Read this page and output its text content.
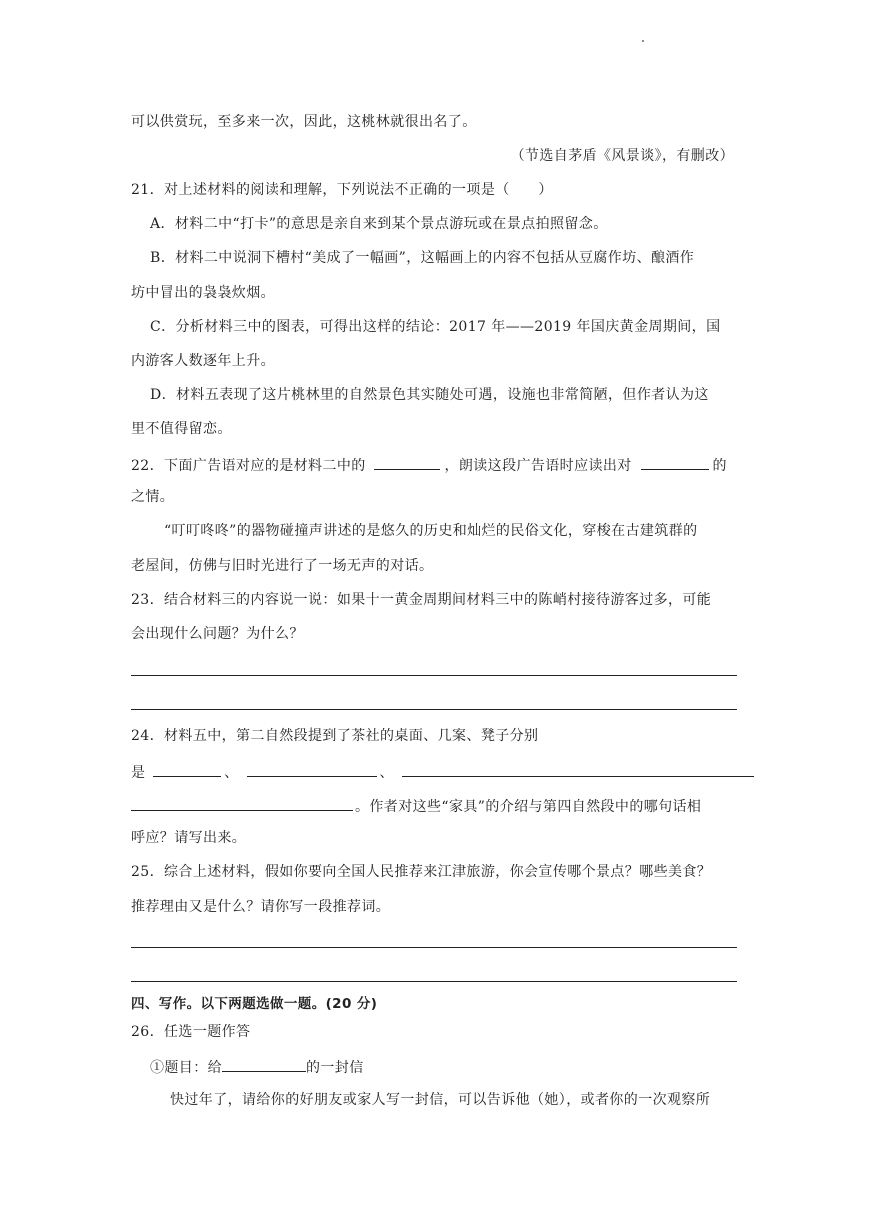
可以供赏玩，至多来一次，因此，这桃林就很出名了。
（节选自茅盾《风景谈》，有删改）
21．对上述材料的阅读和理解，下列说法不正确的一项是（　　）
A．材料二中“打卡”的意思是亲自来到某个景点游玩或在景点拍照留念。
B．材料二中说洞下槽村“美成了一幅画”，这幅画上的内容不包括从豆腐作坊、酿酒作
坊中冒出的袅袅炊烟。
C．分析材料三中的图表，可得出这样的结论：2017 年——2019 年国庆黄金周期间，国
内游客人数逐年上升。
D．材料五表现了这片桃林里的自然景色其实随处可遇，设施也非常简陋，但作者认为这
里不值得留恋。
22．下面广告语对应的是材料二中的	，朗读这段广告语时应读出对	的
之情。
“叮叮咚咚”的器物碰撞声讲述的是悠久的历史和灿烂的民俗文化，穿梭在古建筑群的
老屋间，仿佛与旧时光进行了一场无声的对话。
23．结合材料三的内容说一说：如果十一黄金周期间材料三中的陈峭村接待游客过多，可能
会出现什么问题？为什么？
24．材料五中，第二自然段提到了茶社的桌面、几案、凳子分别
是	、	、
。作者对这些“家具”的介绍与第四自然段中的哪句话相
呼应？请写出来。
25．综合上述材料，假如你要向全国人民推荐来江津旅游，你会宣传哪个景点？哪些美食？
推荐理由又是什么？请你写一段推荐词。
四、写作。以下两题选做一题。(20 分)
26．任选一题作答
①题目：给	的一封信
快过年了，请给你的好朋友或家人写一封信，可以告诉他（她），或者你的一次观察所
